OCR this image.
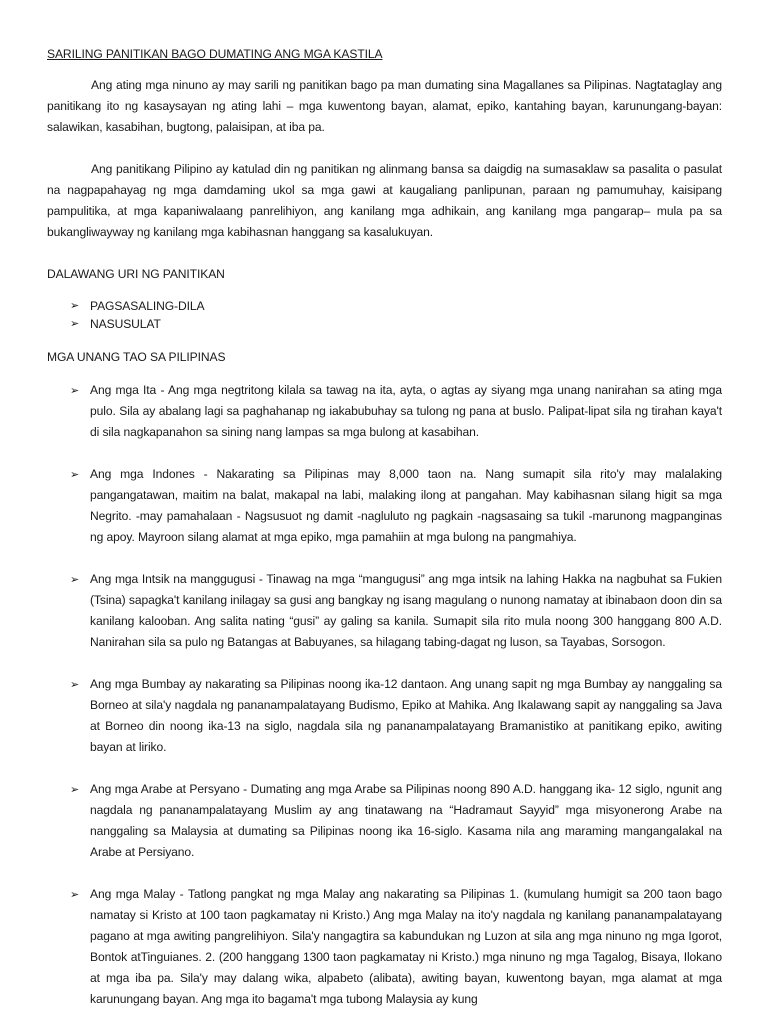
SARILING PANITIKAN BAGO DUMATING ANG MGA KASTILA

Ang ating mga ninuno ay may sarili ng panitikan bago pa man dumating sina Magallanes sa Pilipinas. Nagtataglay ang panitikang ito ng kasaysayan ng ating lahi – mga kuwentong bayan, alamat, epiko, kantahing bayan, karunungang-bayan: salawikan, kasabihan, bugtong, palaisipan, at iba pa.

Ang panitikang Pilipino ay katulad din ng panitikan ng alinmang bansa sa daigdig na sumasaklaw sa pasalita o pasulat na nagpapahayag ng mga damdaming ukol sa mga gawi at kaugaliang panlipunan, paraan ng pamumuhay, kaisipang pampulitika, at mga kapaniwalaang panrelihiyon, ang kanilang mga adhikain, ang kanilang mga pangarap– mula pa sa bukangliwayway ng kanilang mga kabihasnan hanggang sa kasalukuyan.

DALAWANG URI NG PANITIKAN
➢ PAGSASALING-DILA
➢ NASUSULAT
MGA UNANG TAO SA PILIPINAS
➢ Ang mga Ita - Ang mga negtritong kilala sa tawag na ita, ayta, o agtas ay siyang mga unang nanirahan sa ating mga pulo. Sila ay abalang lagi sa paghahanap ng iakabubuhay sa tulong ng pana at buslo. Palipat-lipat sila ng tirahan kaya't di sila nagkapanahon sa sining nang lampas sa mga bulong at kasabihan.
➢ Ang mga Indones - Nakarating sa Pilipinas may 8,000 taon na. Nang sumapit sila rito'y may malalaking pangangatawan, maitim na balat, makapal na labi, malaking ilong at pangahan. May kabihasnan silang higit sa mga Negrito. -may pamahalaan - Nagsusuot ng damit -nagluluto ng pagkain -nagsasaing sa tukil -marunong magpanginas ng apoy. Mayroon silang alamat at mga epiko, mga pamahiin at mga bulong na pangmahiya.
➢ Ang mga Intsik na manggugusi - Tinawag na mga “mangugusi” ang mga intsik na lahing Hakka na nagbuhat sa Fukien (Tsina) sapagka't kanilang inilagay sa gusi ang bangkay ng isang magulang o nunong namatay at ibinabaon doon din sa kanilang kalooban. Ang salita nating “gusi” ay galing sa kanila. Sumapit sila rito mula noong 300 hanggang 800 A.D. Nanirahan sila sa pulo ng Batangas at Babuyanes, sa hilagang tabing-dagat ng luson, sa Tayabas, Sorsogon.
➢ Ang mga Bumbay ay nakarating sa Pilipinas noong ika-12 dantaon. Ang unang sapit ng mga Bumbay ay nanggaling sa Borneo at sila'y nagdala ng pananampalatayang Budismo, Epiko at Mahika. Ang Ikalawang sapit ay nanggaling sa Java at Borneo din noong ika-13 na siglo, nagdala sila ng pananampalatayang Bramanistiko at panitikang epiko, awiting bayan at liriko.
➢ Ang mga Arabe at Persyano - Dumating ang mga Arabe sa Pilipinas noong 890 A.D. hanggang ika- 12 siglo, ngunit ang nagdala ng pananampalatayang Muslim ay ang tinatawang na “Hadramaut Sayyid” mga misyonerong Arabe na nanggaling sa Malaysia at dumating sa Pilipinas noong ika 16-siglo. Kasama nila ang maraming mangangalakal na Arabe at Persiyano.
➢ Ang mga Malay - Tatlong pangkat ng mga Malay ang nakarating sa Pilipinas 1. (kumulang humigit sa 200 taon bago namatay si Kristo at 100 taon pagkamatay ni Kristo.) Ang mga Malay na ito'y nagdala ng kanilang pananampalatayang pagano at mga awiting pangrelihiyon. Sila'y nangagtira sa kabundukan ng Luzon at sila ang mga ninuno ng mga Igorot, Bontok atTinguianes. 2. (200 hanggang 1300 taon pagkamatay ni Kristo.) mga ninuno ng mga Tagalog, Bisaya, Ilokano at mga iba pa. Sila'y may dalang wika, alpabeto (alibata), awiting bayan, kuwentong bayan, mga alamat at mga karunungang bayan. Ang mga ito bagama't mga tubong Malaysia ay kung
